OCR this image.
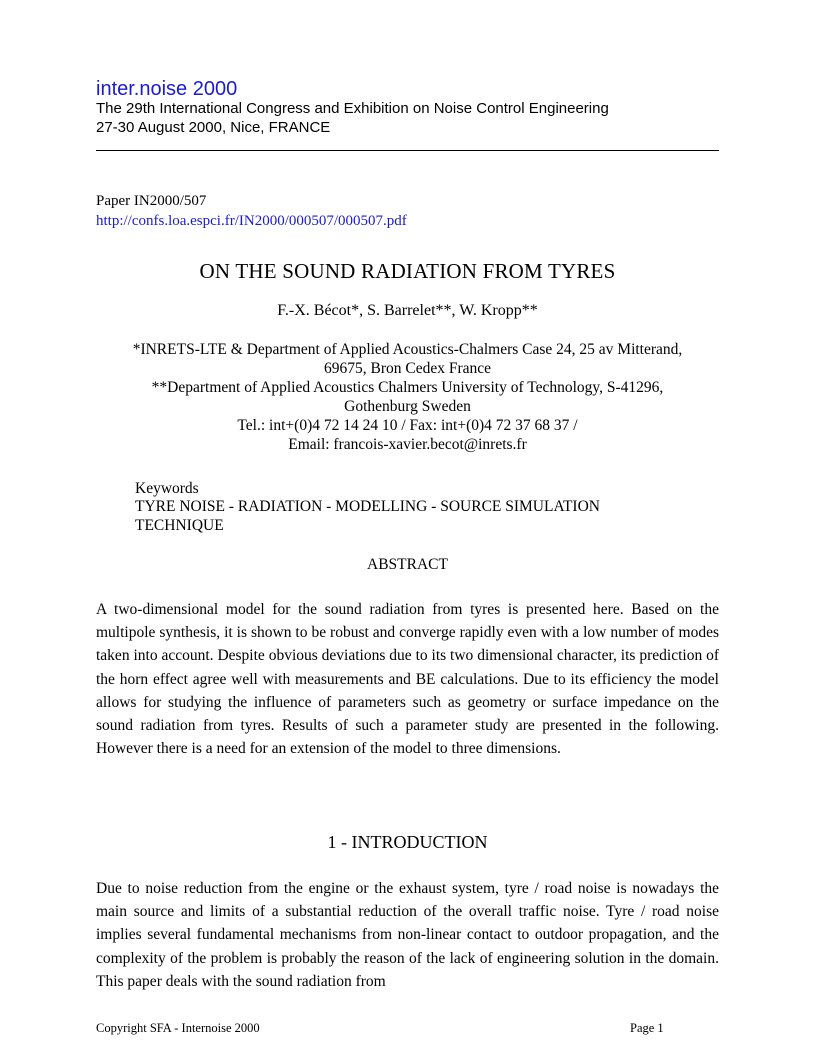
inter.noise 2000
The 29th International Congress and Exhibition on Noise Control Engineering
27-30 August 2000, Nice, FRANCE
Paper IN2000/507
http://confs.loa.espci.fr/IN2000/000507/000507.pdf
ON THE SOUND RADIATION FROM TYRES
F.-X. Bécot*, S. Barrelet**, W. Kropp**
*INRETS-LTE & Department of Applied Acoustics-Chalmers Case 24, 25 av Mitterand,
69675, Bron Cedex France
**Department of Applied Acoustics Chalmers University of Technology, S-41296,
Gothenburg Sweden
Tel.: int+(0)4 72 14 24 10 / Fax: int+(0)4 72 37 68 37 /
Email: francois-xavier.becot@inrets.fr
Keywords
TYRE NOISE - RADIATION - MODELLING - SOURCE SIMULATION
TECHNIQUE
ABSTRACT

A two-dimensional model for the sound radiation from tyres is presented here. Based on the multipole synthesis, it is shown to be robust and converge rapidly even with a low number of modes taken into account. Despite obvious deviations due to its two dimensional character, its prediction of the horn effect agree well with measurements and BE calculations. Due to its efficiency the model allows for studying the influence of parameters such as geometry or surface impedance on the sound radiation from tyres. Results of such a parameter study are presented in the following. However there is a need for an extension of the model to three dimensions.

1 - INTRODUCTION

Due to noise reduction from the engine or the exhaust system, tyre / road noise is nowadays the main source and limits of a substantial reduction of the overall traffic noise. Tyre / road noise implies several fundamental mechanisms from non-linear contact to outdoor propagation, and the complexity of the problem is probably the reason of the lack of engineering solution in the domain. This paper deals with the sound radiation from

Copyright SFA - Internoise 2000	Page 1
